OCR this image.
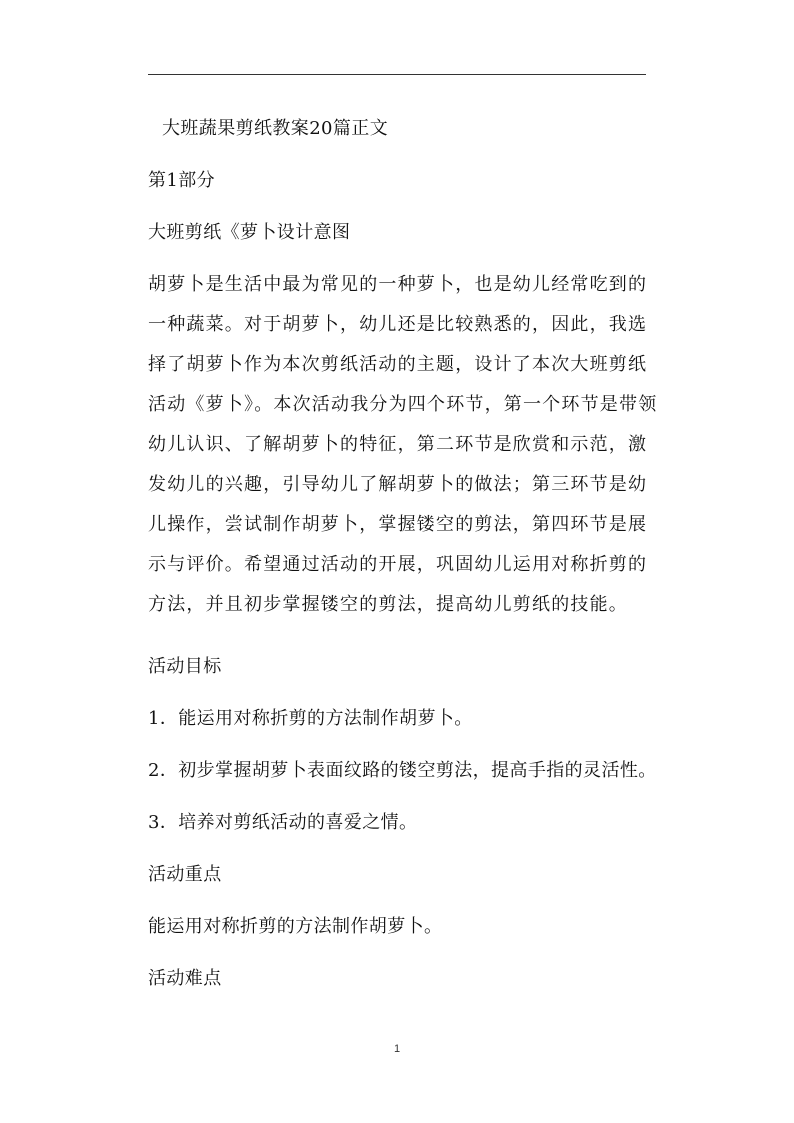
大班蔬果剪纸教案20篇正文
第1部分
大班剪纸《萝卜设计意图
胡萝卜是生活中最为常见的一种萝卜，也是幼儿经常吃到的
一种蔬菜。对于胡萝卜，幼儿还是比较熟悉的，因此，我选
择了胡萝卜作为本次剪纸活动的主题，设计了本次大班剪纸
活动《萝卜》。本次活动我分为四个环节，第一个环节是带领
幼儿认识、了解胡萝卜的特征，第二环节是欣赏和示范，激
发幼儿的兴趣，引导幼儿了解胡萝卜的做法；第三环节是幼
儿操作，尝试制作胡萝卜，掌握镂空的剪法，第四环节是展
示与评价。希望通过活动的开展，巩固幼儿运用对称折剪的
方法，并且初步掌握镂空的剪法，提高幼儿剪纸的技能。
活动目标
1．能运用对称折剪的方法制作胡萝卜。
2．初步掌握胡萝卜表面纹路的镂空剪法，提高手指的灵活性。
3．培养对剪纸活动的喜爱之情。
活动重点
能运用对称折剪的方法制作胡萝卜。
活动难点
1
